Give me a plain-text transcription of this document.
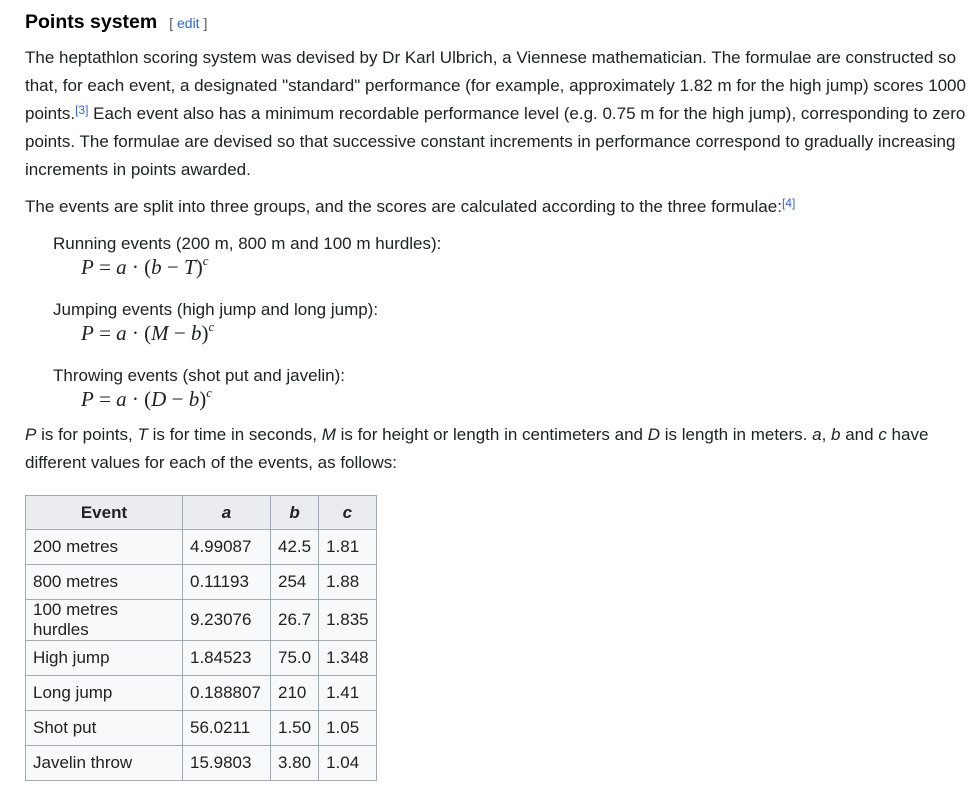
Points system [ edit ]

The heptathlon scoring system was devised by Dr Karl Ulbrich, a Viennese mathematician. The formulae are constructed so that, for each event, a designated "standard" performance (for example, approximately 1.82 m for the high jump) scores 1000 points.[3] Each event also has a minimum recordable performance level (e.g. 0.75 m for the high jump), corresponding to zero points. The formulae are devised so that successive constant increments in performance correspond to gradually increasing increments in points awarded.

The events are split into three groups, and the scores are calculated according to the three formulae:[4]

Running events (200 m, 800 m and 100 m hurdles):
$P = a \cdot (b - T)^c$
Jumping events (high jump and long jump):
$P = a \cdot (M - b)^c$
Throwing events (shot put and javelin):
$P = a \cdot (D - b)^c$

P is for points, T is for time in seconds, M is for height or length in centimeters and D is length in meters. a, b and c have different values for each of the events, as follows:

Event	a	b	c
200 metres	4.99087	42.5	1.81
800 metres	0.11193	254	1.88
100 metres hurdles	9.23076	26.7	1.835
High jump	1.84523	75.0	1.348
Long jump	0.188807	210	1.41
Shot put	56.0211	1.50	1.05
Javelin throw	15.9803	3.80	1.04
